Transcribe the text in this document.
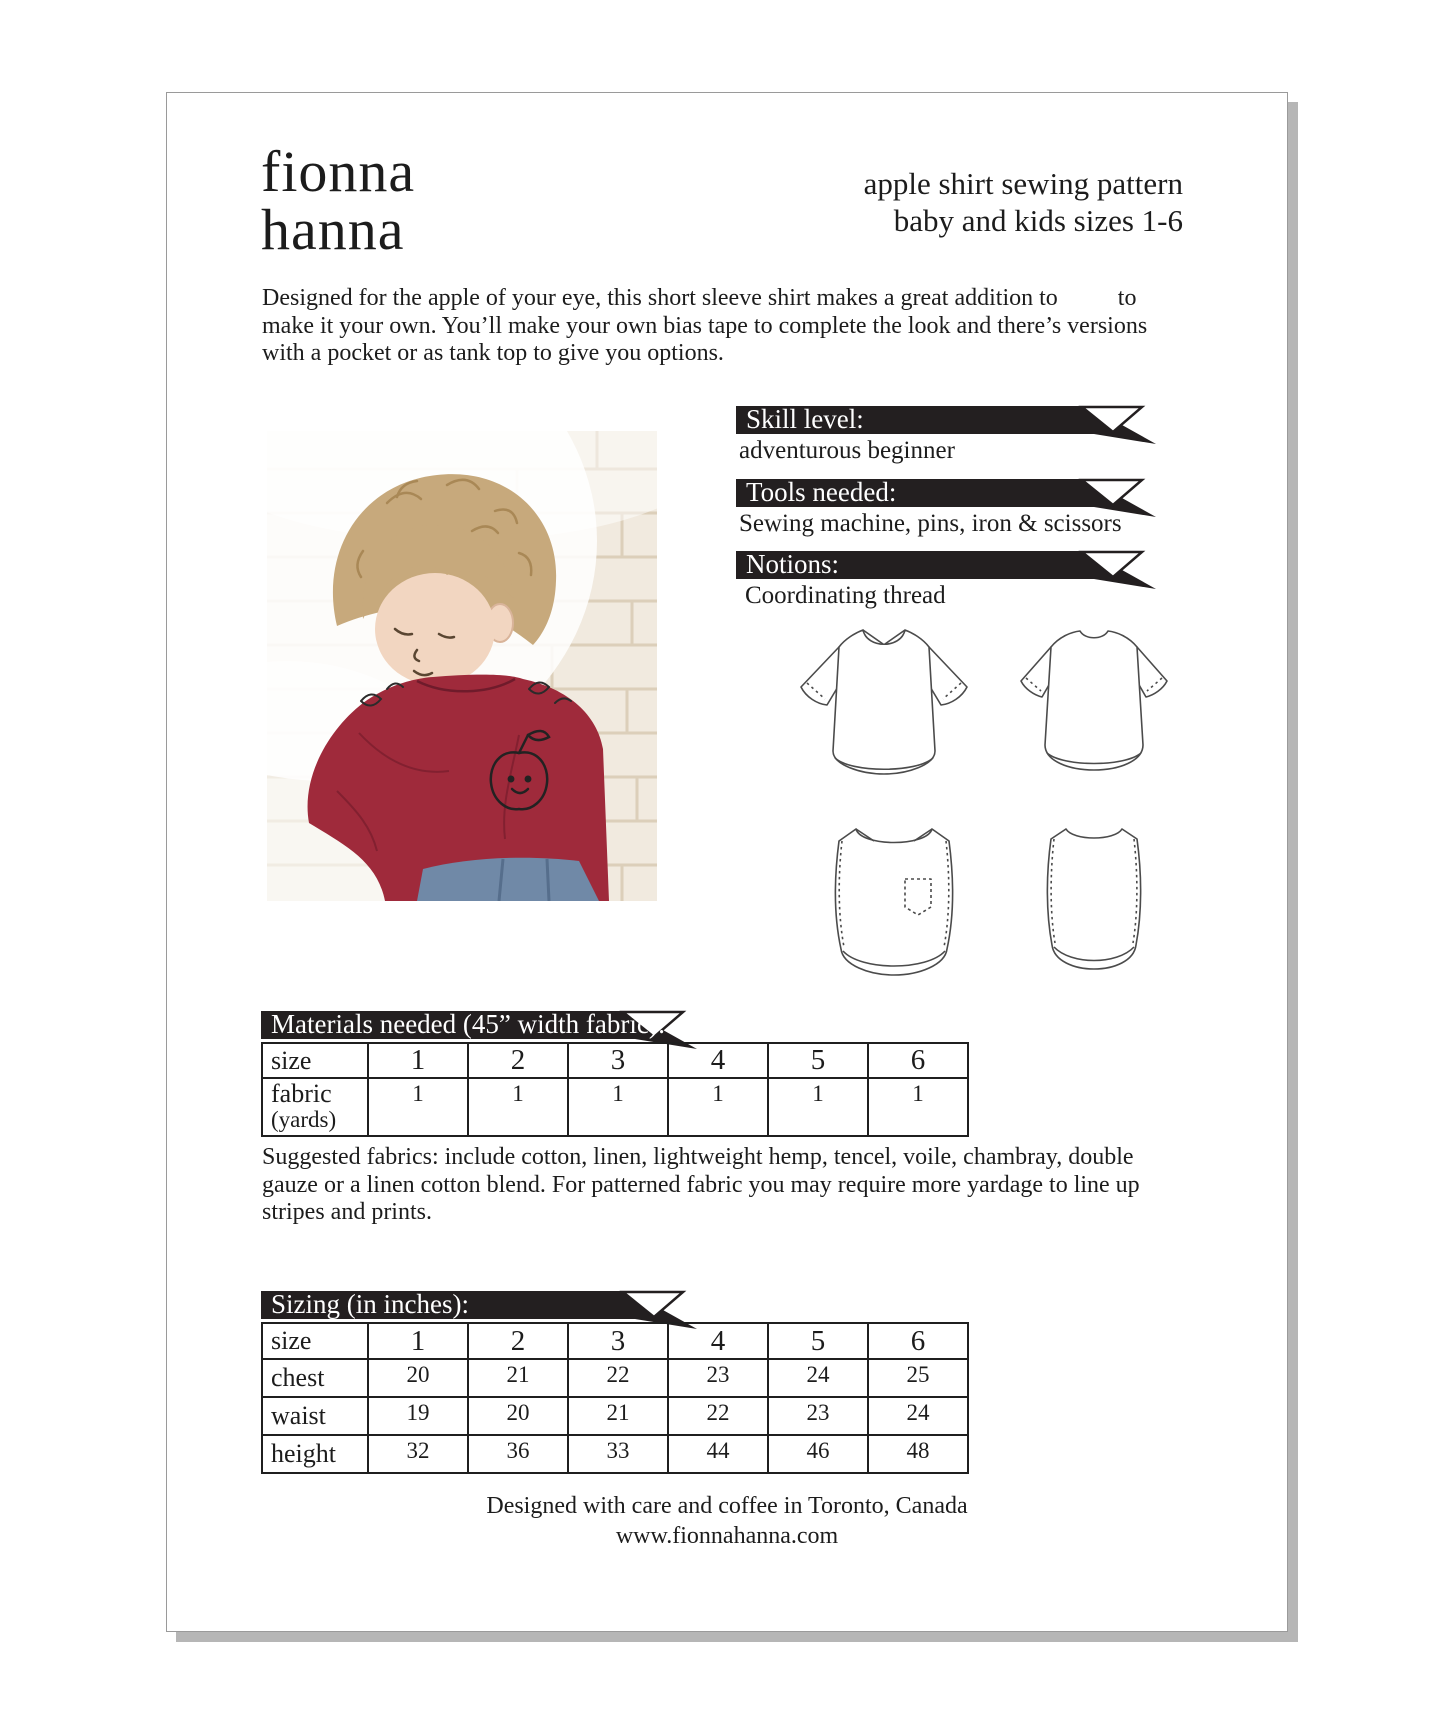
fionna
hanna
apple shirt sewing pattern
baby and kids sizes 1-6
Designed for the apple of your eye, this short sleeve shirt makes a great addition to          to
make it your own. You’ll make your own bias tape to complete the look and there’s versions
with a pocket or as tank top to give you options.
Skill level:
adventurous beginner
Tools needed:
Sewing machine, pins, iron & scissors
Notions:
Coordinating thread
Materials needed (45” width fabric):
size	1	2	3	4	5	6

fabric
(yards)	1	1	1	1	1	1
Suggested fabrics: include cotton, linen, lightweight hemp, tencel, voile, chambray, double
gauze or a linen cotton blend. For patterned fabric you may require more yardage to line up
stripes and prints.
Sizing (in inches):
size	1	2	3	4	5	6
chest	20	21	22	23	24	25
waist	19	20	21	22	23	24
height	32	36	33	44	46	48
Designed with care and coffee in Toronto, Canada
www.fionnahanna.com
